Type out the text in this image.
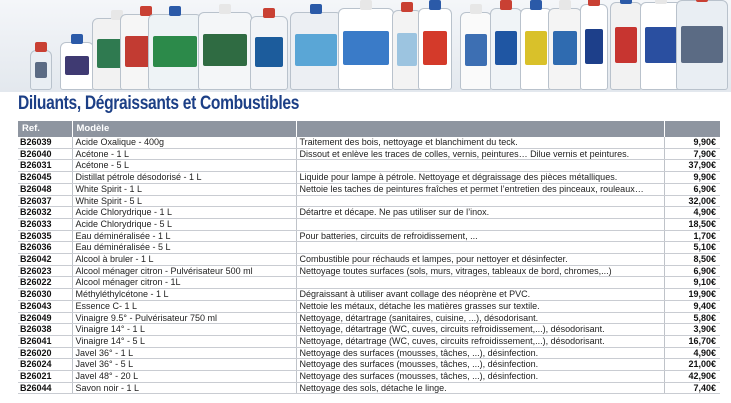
Diluants, Dégraissants et Combustibles
Ref.	Modèle		
B26039	Acide Oxalique - 400g	Traitement des bois, nettoyage et blanchiment du teck.	9,90€
B26040	Acétone - 1 L	Dissout et enlève les traces de colles, vernis, peintures… Dilue vernis et peintures.	7,90€
B26031	Acétone - 5 L		37,90€
B26045	Distillat pétrole désodorisé - 1 L	Liquide pour lampe à pétrole. Nettoyage et dégraissage des pièces métalliques.	9,90€
B26048	White Spirit - 1 L	Nettoie les taches de peintures fraîches et permet l’entretien des pinceaux, rouleaux…	6,90€
B26037	White Spirit - 5 L		32,00€
B26032	Acide Chlorydrique - 1 L	Détartre et décape. Ne pas utiliser sur de l’inox.	4,90€
B26033	Acide Chlorydrique - 5 L		18,50€
B26035	Eau déminéralisée - 1 L	Pour batteries, circuits de refroidissement, ...	1,70€
B26036	Eau déminéralisée - 5 L		5,10€
B26042	Alcool à bruler - 1 L	Combustible pour réchauds et lampes, pour nettoyer et désinfecter.	8,50€
B26023	Alcool ménager citron - Pulvérisateur 500 ml	Nettoyage toutes surfaces (sols, murs, vitrages, tableaux de bord, chromes,...)	6,90€
B26022	Alcool ménager citron - 1L		9,10€
B26030	Méthyléthylcétone - 1 L	Dégraissant à utiliser avant collage des néoprène et PVC.	19,90€
B26043	Essence C- 1 L	Nettoie les métaux, détache les matières grasses sur textile.	9,40€
B26049	Vinaigre 9.5° - Pulvérisateur 750 ml	Nettoyage, détartrage (sanitaires, cuisine, ...), désodorisant.	5,80€
B26038	Vinaigre 14° - 1 L	Nettoyage, détartrage (WC, cuves, circuits refroidissement,...), désodorisant.	3,90€
B26041	Vinaigre 14° - 5 L	Nettoyage, détartrage (WC, cuves, circuits refroidissement,...), désodorisant.	16,70€
B26020	Javel 36° - 1 L	Nettoyage des surfaces (mousses, tâches, ...), désinfection.	4,90€
B26024	Javel 36° - 5 L	Nettoyage des surfaces (mousses, tâches, ...), désinfection.	21,00€
B26021	Javel 48° - 20 L	Nettoyage des surfaces (mousses, tâches, ...), désinfection.	42,90€
B26044	Savon noir - 1 L	Nettoyage des sols, détache le linge.	7,40€
